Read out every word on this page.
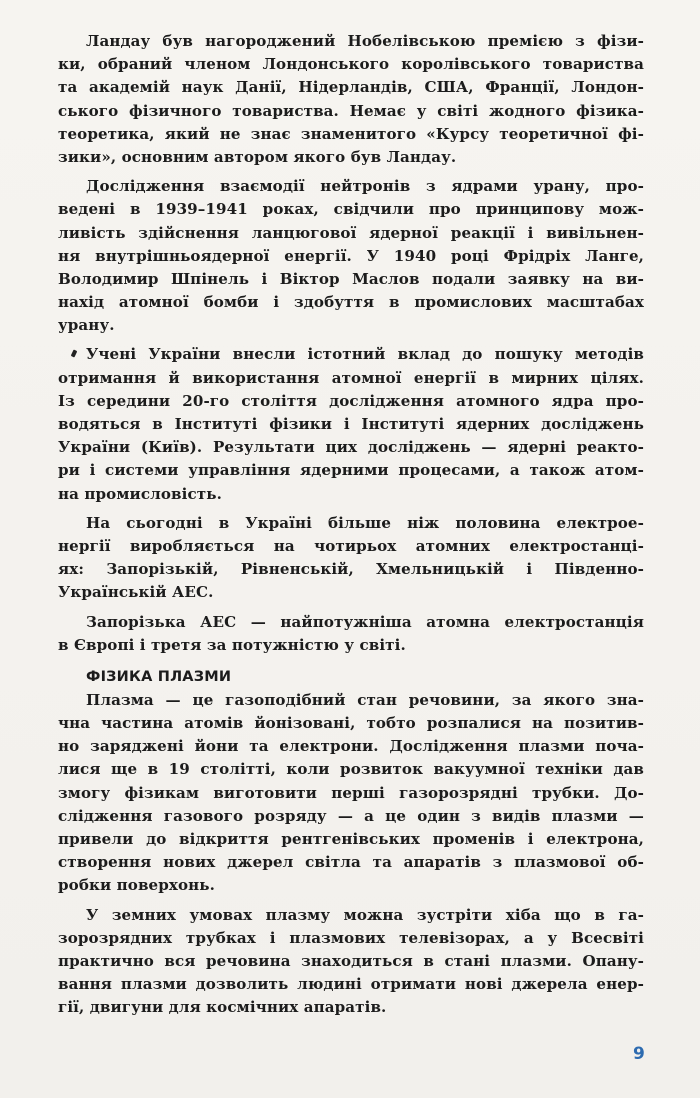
Ландау був нагороджений Нобелівською премією з фізи-
ки, обраний членом Лондонського королівського товариства
та академій наук Данії, Нідерландів, США, Франції, Лондон-
ського фізичного товариства. Немає у світі жодного фізика-
теоретика, який не знає знаменитого «Курсу теоретичної фі-
зики», основним автором якого був Ландау.
Дослідження взаємодії нейтронів з ядрами урану, про-
ведені в 1939–1941 роках, свідчили про принципову мож-
ливість здійснення ланцюгової ядерної реакції і вивільнен-
ня внутрішньоядерної енергії. У 1940 році Фрідріх Ланге,
Володимир Шпінель і Віктор Маслов подали заявку на ви-
нахід атомної бомби і здобуття в промислових масштабах
урану.
Учені України внесли істотний вклад до пошуку методів
отримання й використання атомної енергії в мирних цілях.
Із середини 20-го століття дослідження атомного ядра про-
водяться в Інституті фізики і Інституті ядерних досліджень
України (Київ). Результати цих досліджень — ядерні реакто-
ри і системи управління ядерними процесами, а також атом-
на промисловість.
На сьогодні в Україні більше ніж половина електрое-
нергії виробляється на чотирьох атомних електростанці-
ях: Запорізькій, Рівненській, Хмельницькій і Південно-
Українській АЕС.
Запорізька АЕС — найпотужніша атомна електростанція
в Європі і третя за потужністю у світі.
ФІЗИКА ПЛАЗМИ
Плазма — це газоподібний стан речовини, за якого зна-
чна частина атомів йонізовані, тобто розпалися на позитив-
но заряджені йони та електрони. Дослідження плазми поча-
лися ще в 19 столітті, коли розвиток вакуумної техніки дав
змогу фізикам виготовити перші газорозрядні трубки. До-
слідження газового розряду — а це один з видів плазми —
привели до відкриття рентгенівських променів і електрона,
створення нових джерел світла та апаратів з плазмової об-
робки поверхонь.
У земних умовах плазму можна зустріти хіба що в га-
зорозрядних трубках і плазмових телевізорах, а у Всесвіті
практично вся речовина знаходиться в стані плазми. Опану-
вання плазми дозволить людині отримати нові джерела енер-
гії, двигуни для космічних апаратів.
9
